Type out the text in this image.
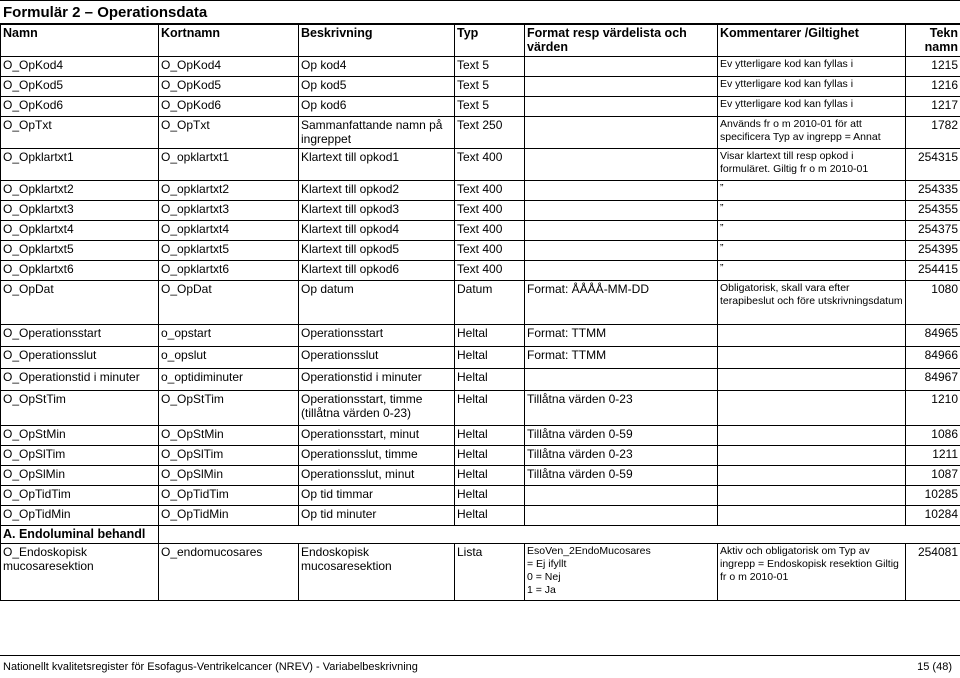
Formulär 2 – Operationsdata
Namn	Kortnamn	Beskrivning	Typ	Format resp värdelista och värden	Kommentarer /Giltighet	Tekn namn
O_OpKod4	O_OpKod4	Op kod4	Text 5		Ev ytterligare kod kan fyllas i	1215
O_OpKod5	O_OpKod5	Op kod5	Text 5		Ev ytterligare kod kan fyllas i	1216
O_OpKod6	O_OpKod6	Op kod6	Text 5		Ev ytterligare kod kan fyllas i	1217
O_OpTxt	O_OpTxt	Sammanfattande namn på ingreppet	Text 250		Används fr o m 2010-01 för att specificera Typ av ingrepp = Annat	1782
O_Opklartxt1	O_opklartxt1	Klartext till opkod1	Text 400		Visar klartext till resp opkod i formuläret. Giltig fr o m 2010-01	254315
O_Opklartxt2	O_opklartxt2	Klartext till opkod2	Text 400		”	254335
O_Opklartxt3	O_opklartxt3	Klartext till opkod3	Text 400		”	254355
O_Opklartxt4	O_opklartxt4	Klartext till opkod4	Text 400		”	254375
O_Opklartxt5	O_opklartxt5	Klartext till opkod5	Text 400		”	254395
O_Opklartxt6	O_opklartxt6	Klartext till opkod6	Text 400		”	254415
O_OpDat	O_OpDat	Op datum	Datum	Format: ÅÅÅÅ-MM-DD	Obligatorisk, skall vara efter terapibeslut och före utskrivningsdatum	1080
O_Operationsstart	o_opstart	Operationsstart	Heltal	Format: TTMM		84965
O_Operationsslut	o_opslut	Operationsslut	Heltal	Format: TTMM		84966
O_Operationstid i minuter	o_optidiminuter	Operationstid i minuter	Heltal			84967
O_OpStTim	O_OpStTim	Operationsstart, timme (tillåtna värden 0-23)	Heltal	Tillåtna värden 0-23		1210
O_OpStMin	O_OpStMin	Operationsstart, minut	Heltal	Tillåtna värden 0-59		1086
O_OpSlTim	O_OpSlTim	Operationsslut, timme	Heltal	Tillåtna värden 0-23		1211
O_OpSlMin	O_OpSlMin	Operationsslut, minut	Heltal	Tillåtna värden 0-59		1087
O_OpTidTim	O_OpTidTim	Op tid timmar	Heltal			10285
O_OpTidMin	O_OpTidMin	Op tid minuter	Heltal			10284
A. Endoluminal behandl						
O_Endoskopisk mucosaresektion	O_endomucosares	Endoskopisk mucosaresektion	Lista	EsoVen_2EndoMucosares
= Ej ifyllt
0 = Nej
1 = Ja	Aktiv och obligatorisk om Typ av ingrepp = Endoskopisk resektion Giltig fr o m 2010-01	254081
Nationellt kvalitetsregister för Esofagus-Ventrikelcancer (NREV) - Variabelbeskrivning	15 (48)
